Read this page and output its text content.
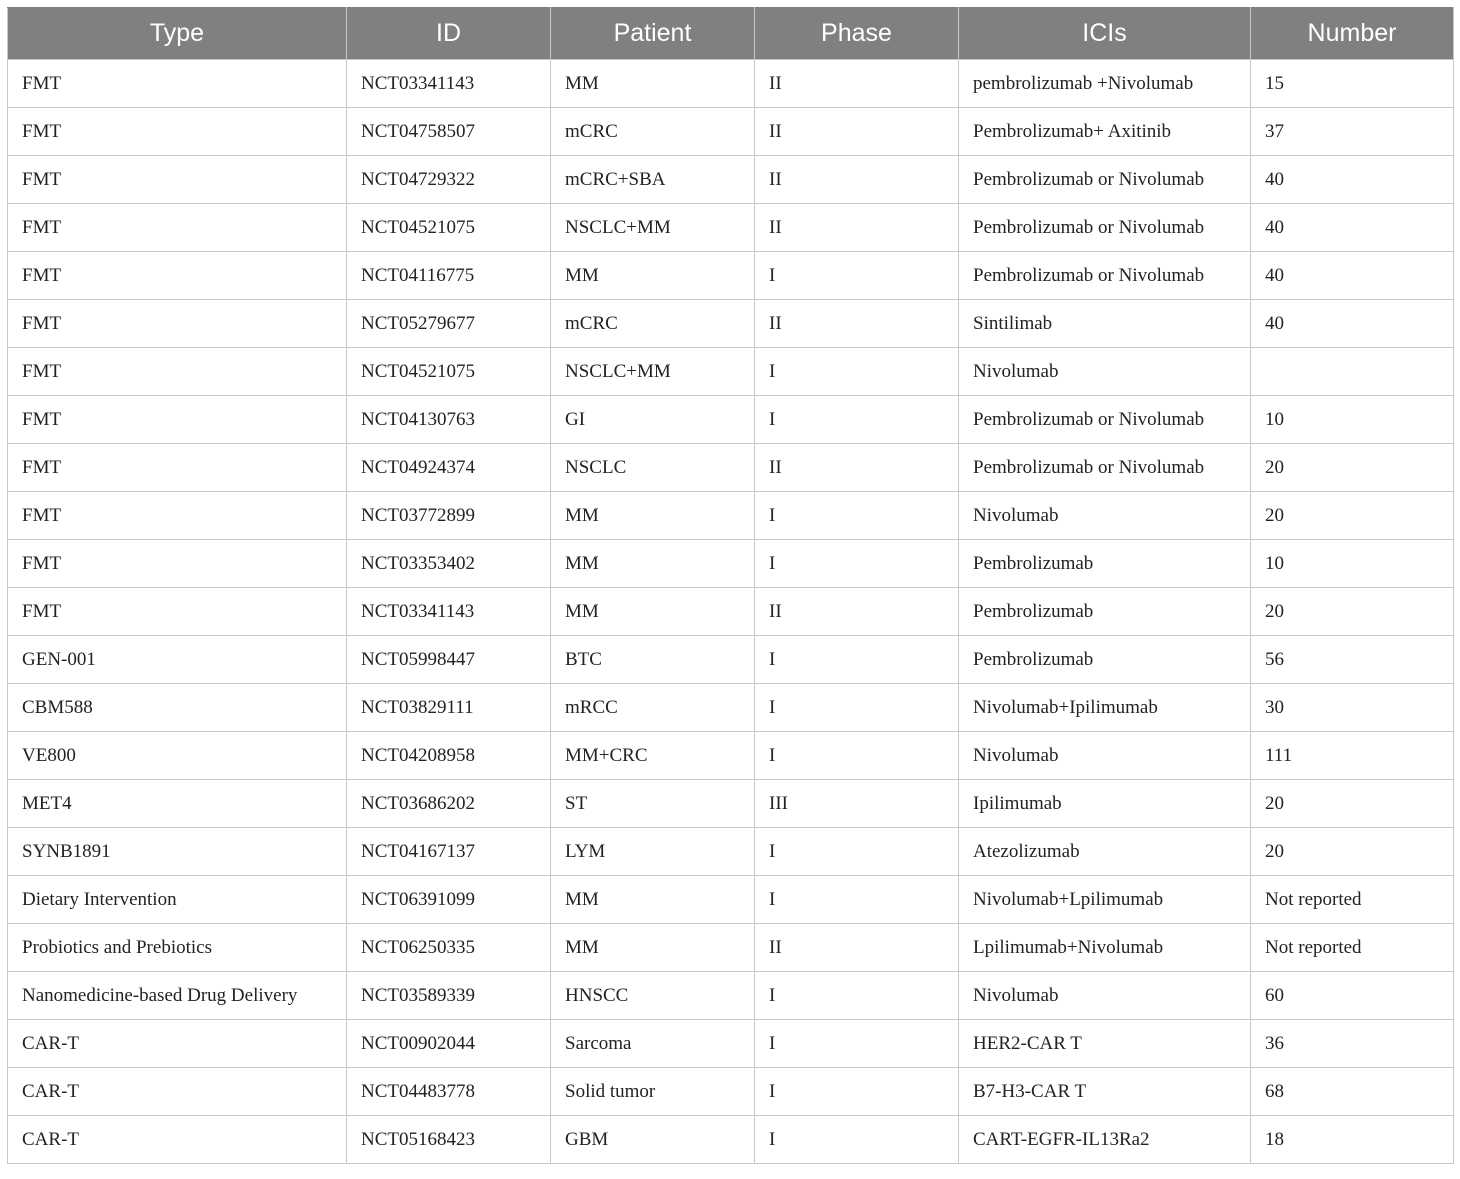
Type	ID	Patient	Phase	ICIs	Number
FMT	NCT03341143	MM	II	pembrolizumab +Nivolumab	15
FMT	NCT04758507	mCRC	II	Pembrolizumab+ Axitinib	37
FMT	NCT04729322	mCRC+SBA	II	Pembrolizumab or Nivolumab	40
FMT	NCT04521075	NSCLC+MM	II	Pembrolizumab or Nivolumab	40
FMT	NCT04116775	MM	I	Pembrolizumab or Nivolumab	40
FMT	NCT05279677	mCRC	II	Sintilimab	40
FMT	NCT04521075	NSCLC+MM	I	Nivolumab	
FMT	NCT04130763	GI	I	Pembrolizumab or Nivolumab	10
FMT	NCT04924374	NSCLC	II	Pembrolizumab or Nivolumab	20
FMT	NCT03772899	MM	I	Nivolumab	20
FMT	NCT03353402	MM	I	Pembrolizumab	10
FMT	NCT03341143	MM	II	Pembrolizumab	20
GEN-001	NCT05998447	BTC	I	Pembrolizumab	56
CBM588	NCT03829111	mRCC	I	Nivolumab+Ipilimumab	30
VE800	NCT04208958	MM+CRC	I	Nivolumab	111
MET4	NCT03686202	ST	III	Ipilimumab	20
SYNB1891	NCT04167137	LYM	I	Atezolizumab	20
Dietary Intervention	NCT06391099	MM	I	Nivolumab+Lpilimumab	Not reported
Probiotics and Prebiotics	NCT06250335	MM	II	Lpilimumab+Nivolumab	Not reported
Nanomedicine-based Drug Delivery	NCT03589339	HNSCC	I	Nivolumab	60
CAR-T	NCT00902044	Sarcoma	I	HER2-CAR T	36
CAR-T	NCT04483778	Solid tumor	I	B7-H3-CAR T	68
CAR-T	NCT05168423	GBM	I	CART-EGFR-IL13Ra2	18
